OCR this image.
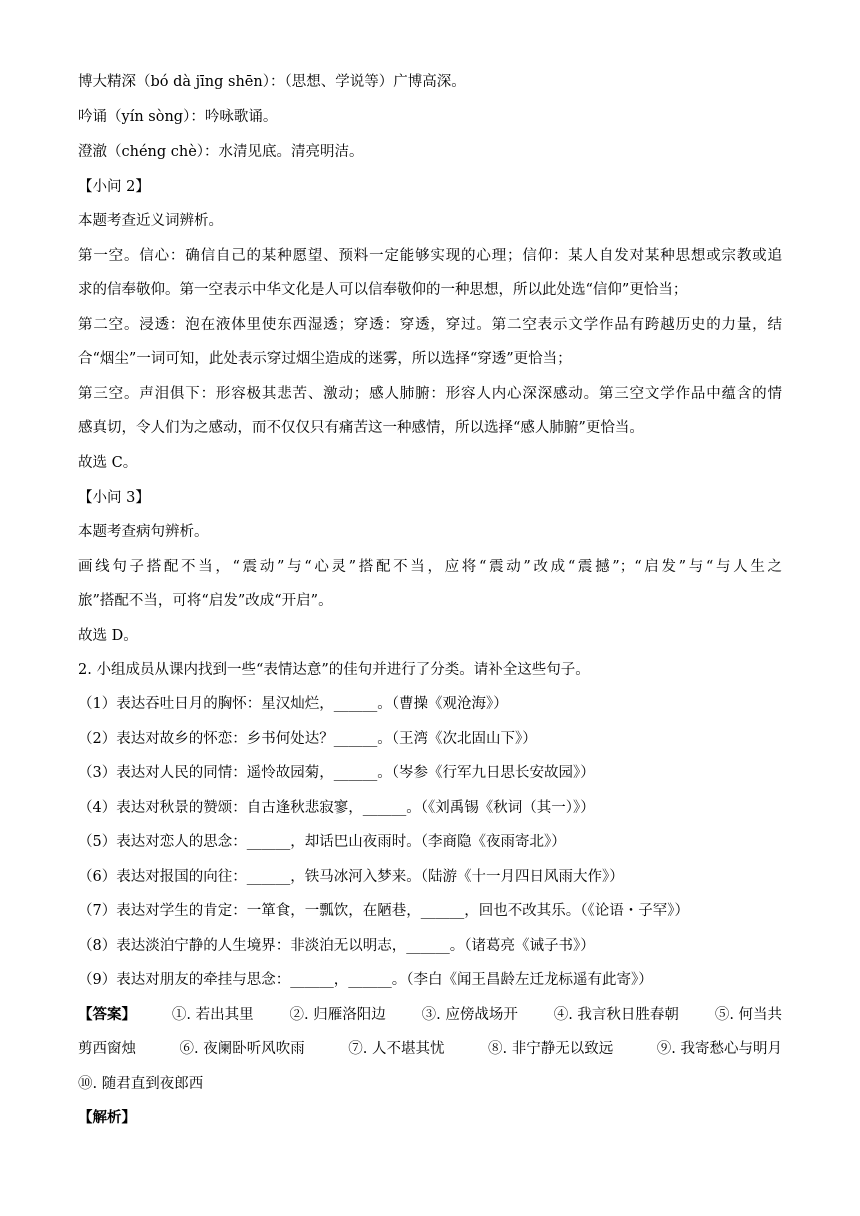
博大精深（bó dà jīng shēn）：（思想、学说等）广博高深。
吟诵（yín sòng）：吟咏歌诵。
澄澈（chéng chè）：水清见底。清亮明洁。
【小问 2】
本题考查近义词辨析。
第一空。信心：确信自己的某种愿望、预料一定能够实现的心理；信仰：某人自发对某种思想或宗教或追
求的信奉敬仰。第一空表示中华文化是人可以信奉敬仰的一种思想，所以此处选“信仰”更恰当；
第二空。浸透：泡在液体里使东西湿透；穿透：穿透，穿过。第二空表示文学作品有跨越历史的力量，结
合“烟尘”一词可知，此处表示穿过烟尘造成的迷雾，所以选择“穿透”更恰当；
第三空。声泪俱下：形容极其悲苦、激动；感人肺腑：形容人内心深深感动。第三空文学作品中蕴含的情
感真切，令人们为之感动，而不仅仅只有痛苦这一种感情，所以选择“感人肺腑”更恰当。
故选 C。
【小问 3】
本题考查病句辨析。
画线句子搭配不当，“震动”与“心灵”搭配不当，应将“震动”改成“震撼”；“启发”与“与人生之
旅”搭配不当，可将“启发”改成“开启”。
故选 D。
2. 小组成员从课内找到一些“表情达意”的佳句并进行了分类。请补全这些句子。
（1）表达吞吐日月的胸怀：星汉灿烂，______。（曹操《观沧海》）
（2）表达对故乡的怀恋：乡书何处达？______。（王湾《次北固山下》）
（3）表达对人民的同情：遥怜故园菊，______。（岑参《行军九日思长安故园》）
（4）表达对秋景的赞颂：自古逢秋悲寂寥，______。（《刘禹锡《秋词（其一）》）
（5）表达对恋人的思念：______，却话巴山夜雨时。（李商隐《夜雨寄北》）
（6）表达对报国的向往：______，铁马冰河入梦来。（陆游《十一月四日风雨大作》）
（7）表达对学生的肯定：一箪食，一瓢饮，在陋巷，______，回也不改其乐。（《论语・子罕》）
（8）表达淡泊宁静的人生境界：非淡泊无以明志，______。（诸葛亮《诫子书》）
（9）表达对朋友的牵挂与思念：______，______。（李白《闻王昌龄左迁龙标遥有此寄》）
【答案】 ①. 若出其里 ②. 归雁洛阳边 ③. 应傍战场开 ④. 我言秋日胜春朝 ⑤. 何当共
剪西窗烛	⑥. 夜阑卧听风吹雨	⑦. 人不堪其忧	⑧. 非宁静无以致远	⑨. 我寄愁心与明月
⑩. 随君直到夜郎西
【解析】
